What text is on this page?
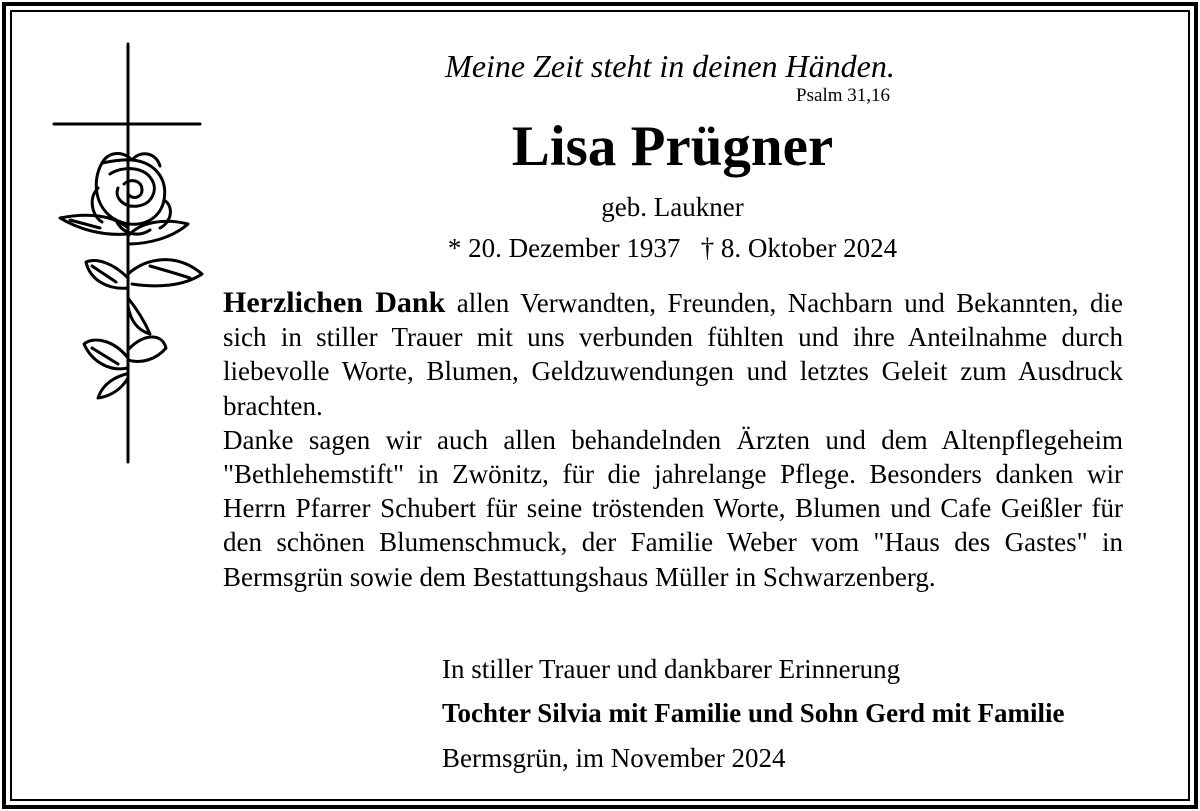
Meine Zeit steht in deinen Händen.
Psalm 31,16
Lisa Prügner
geb. Laukner
* 20. Dezember 1937 † 8. Oktober 2024

Herzlichen Dank allen Verwandten, Freunden, Nachbarn und Bekannten, die sich in stiller Trauer mit uns verbunden fühlten und ihre Anteilnahme durch liebevolle Worte, Blumen, Geldzuwendungen und letztes Geleit zum Ausdruck brachten.

Danke sagen wir auch allen behandelnden Ärzten und dem Altenpflegeheim "Bethlehemstift" in Zwönitz, für die jahrelange Pflege. Besonders danken wir Herrn Pfarrer Schubert für seine tröstenden Worte, Blumen und Cafe Geißler für den schönen Blumenschmuck, der Familie Weber vom "Haus des Gastes" in Bermsgrün sowie dem Bestattungshaus Müller in Schwarzenberg.

In stiller Trauer und dankbarer Erinnerung
Tochter Silvia mit Familie und Sohn Gerd mit Familie
Bermsgrün, im November 2024
